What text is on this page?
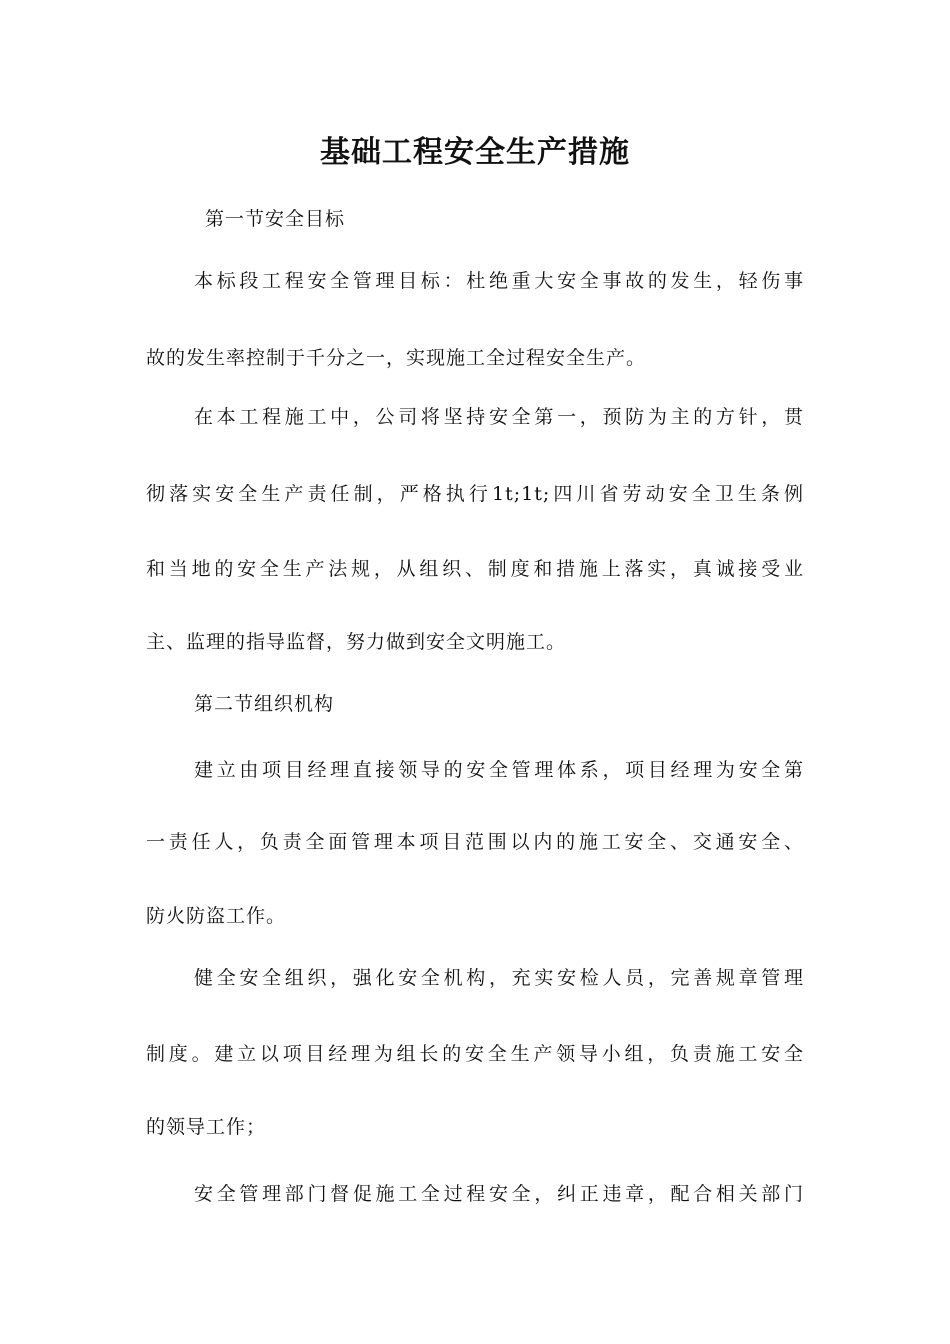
基础工程安全生产措施
第一节安全目标
本标段工程安全管理目标：杜绝重大安全事故的发生，轻伤事
故的发生率控制于千分之一，实现施工全过程安全生产。
在本工程施工中，公司将坚持安全第一，预防为主的方针，贯
彻落实安全生产责任制，严格执行1t;1t;四川省劳动安全卫生条例
和当地的安全生产法规，从组织、制度和措施上落实，真诚接受业
主、监理的指导监督，努力做到安全文明施工。
第二节组织机构
建立由项目经理直接领导的安全管理体系，项目经理为安全第
一责任人，负责全面管理本项目范围以内的施工安全、交通安全、
防火防盗工作。
健全安全组织，强化安全机构，充实安检人员，完善规章管理
制度。建立以项目经理为组长的安全生产领导小组，负责施工安全
的领导工作；
安全管理部门督促施工全过程安全，纠正违章，配合相关部门
